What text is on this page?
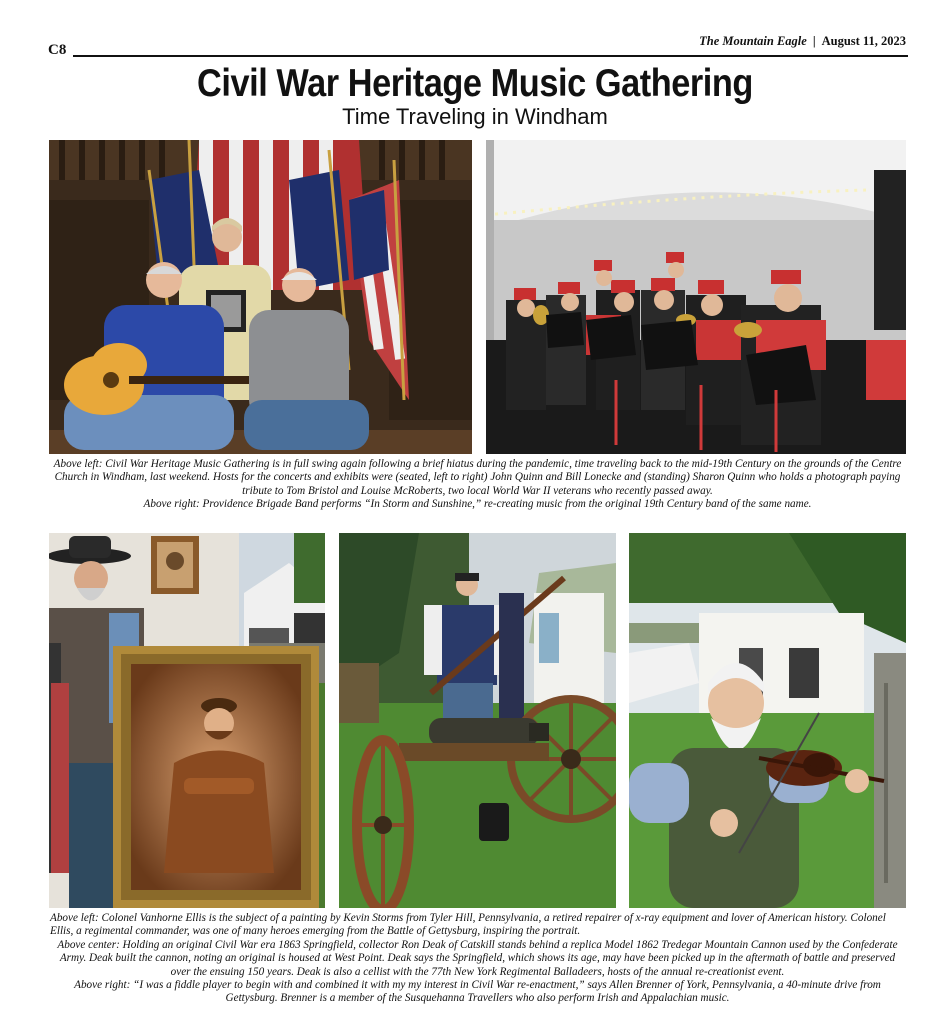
C8
The Mountain Eagle | August 11, 2023
Civil War Heritage Music Gathering
Time Traveling in Windham

Above left: Civil War Heritage Music Gathering is in full swing again following a brief hiatus during the pandemic, time traveling back to the mid-19th Century on the grounds of the Centre Church in Windham, last weekend. Hosts for the concerts and exhibits were (seated, left to right) John Quinn and Bill Lonecke and (standing) Sharon Quinn who holds a photograph paying tribute to Tom Bristol and Louise McRoberts, two local World War II veterans who recently passed away.

Above right: Providence Brigade Band performs “In Storm and Sunshine,” re-creating music from the original 19th Century band of the same name.

Above left: Colonel Vanhorne Ellis is the subject of a painting by Kevin Storms from Tyler Hill, Pennsylvania, a retired repairer of x-ray equipment and lover of American history. Colonel Ellis, a regimental commander, was one of many heroes emerging from the Battle of Gettysburg, inspiring the portrait.

Above center: Holding an original Civil War era 1863 Springfield, collector Ron Deak of Catskill stands behind a replica Model 1862 Tredegar Mountain Cannon used by the Confederate Army. Deak built the cannon, noting an original is housed at West Point. Deak says the Springfield, which shows its age, may have been picked up in the aftermath of battle and preserved over the ensuing 150 years. Deak is also a cellist with the 77th New York Regimental Balladeers, hosts of the annual re-creationist event.

Above right: “I was a fiddle player to begin with and combined it with my my interest in Civil War re-enactment,” says Allen Brenner of York, Pennsylvania, a 40-minute drive from Gettysburg. Brenner is a member of the Susquehanna Travellers who also perform Irish and Appalachian music.
